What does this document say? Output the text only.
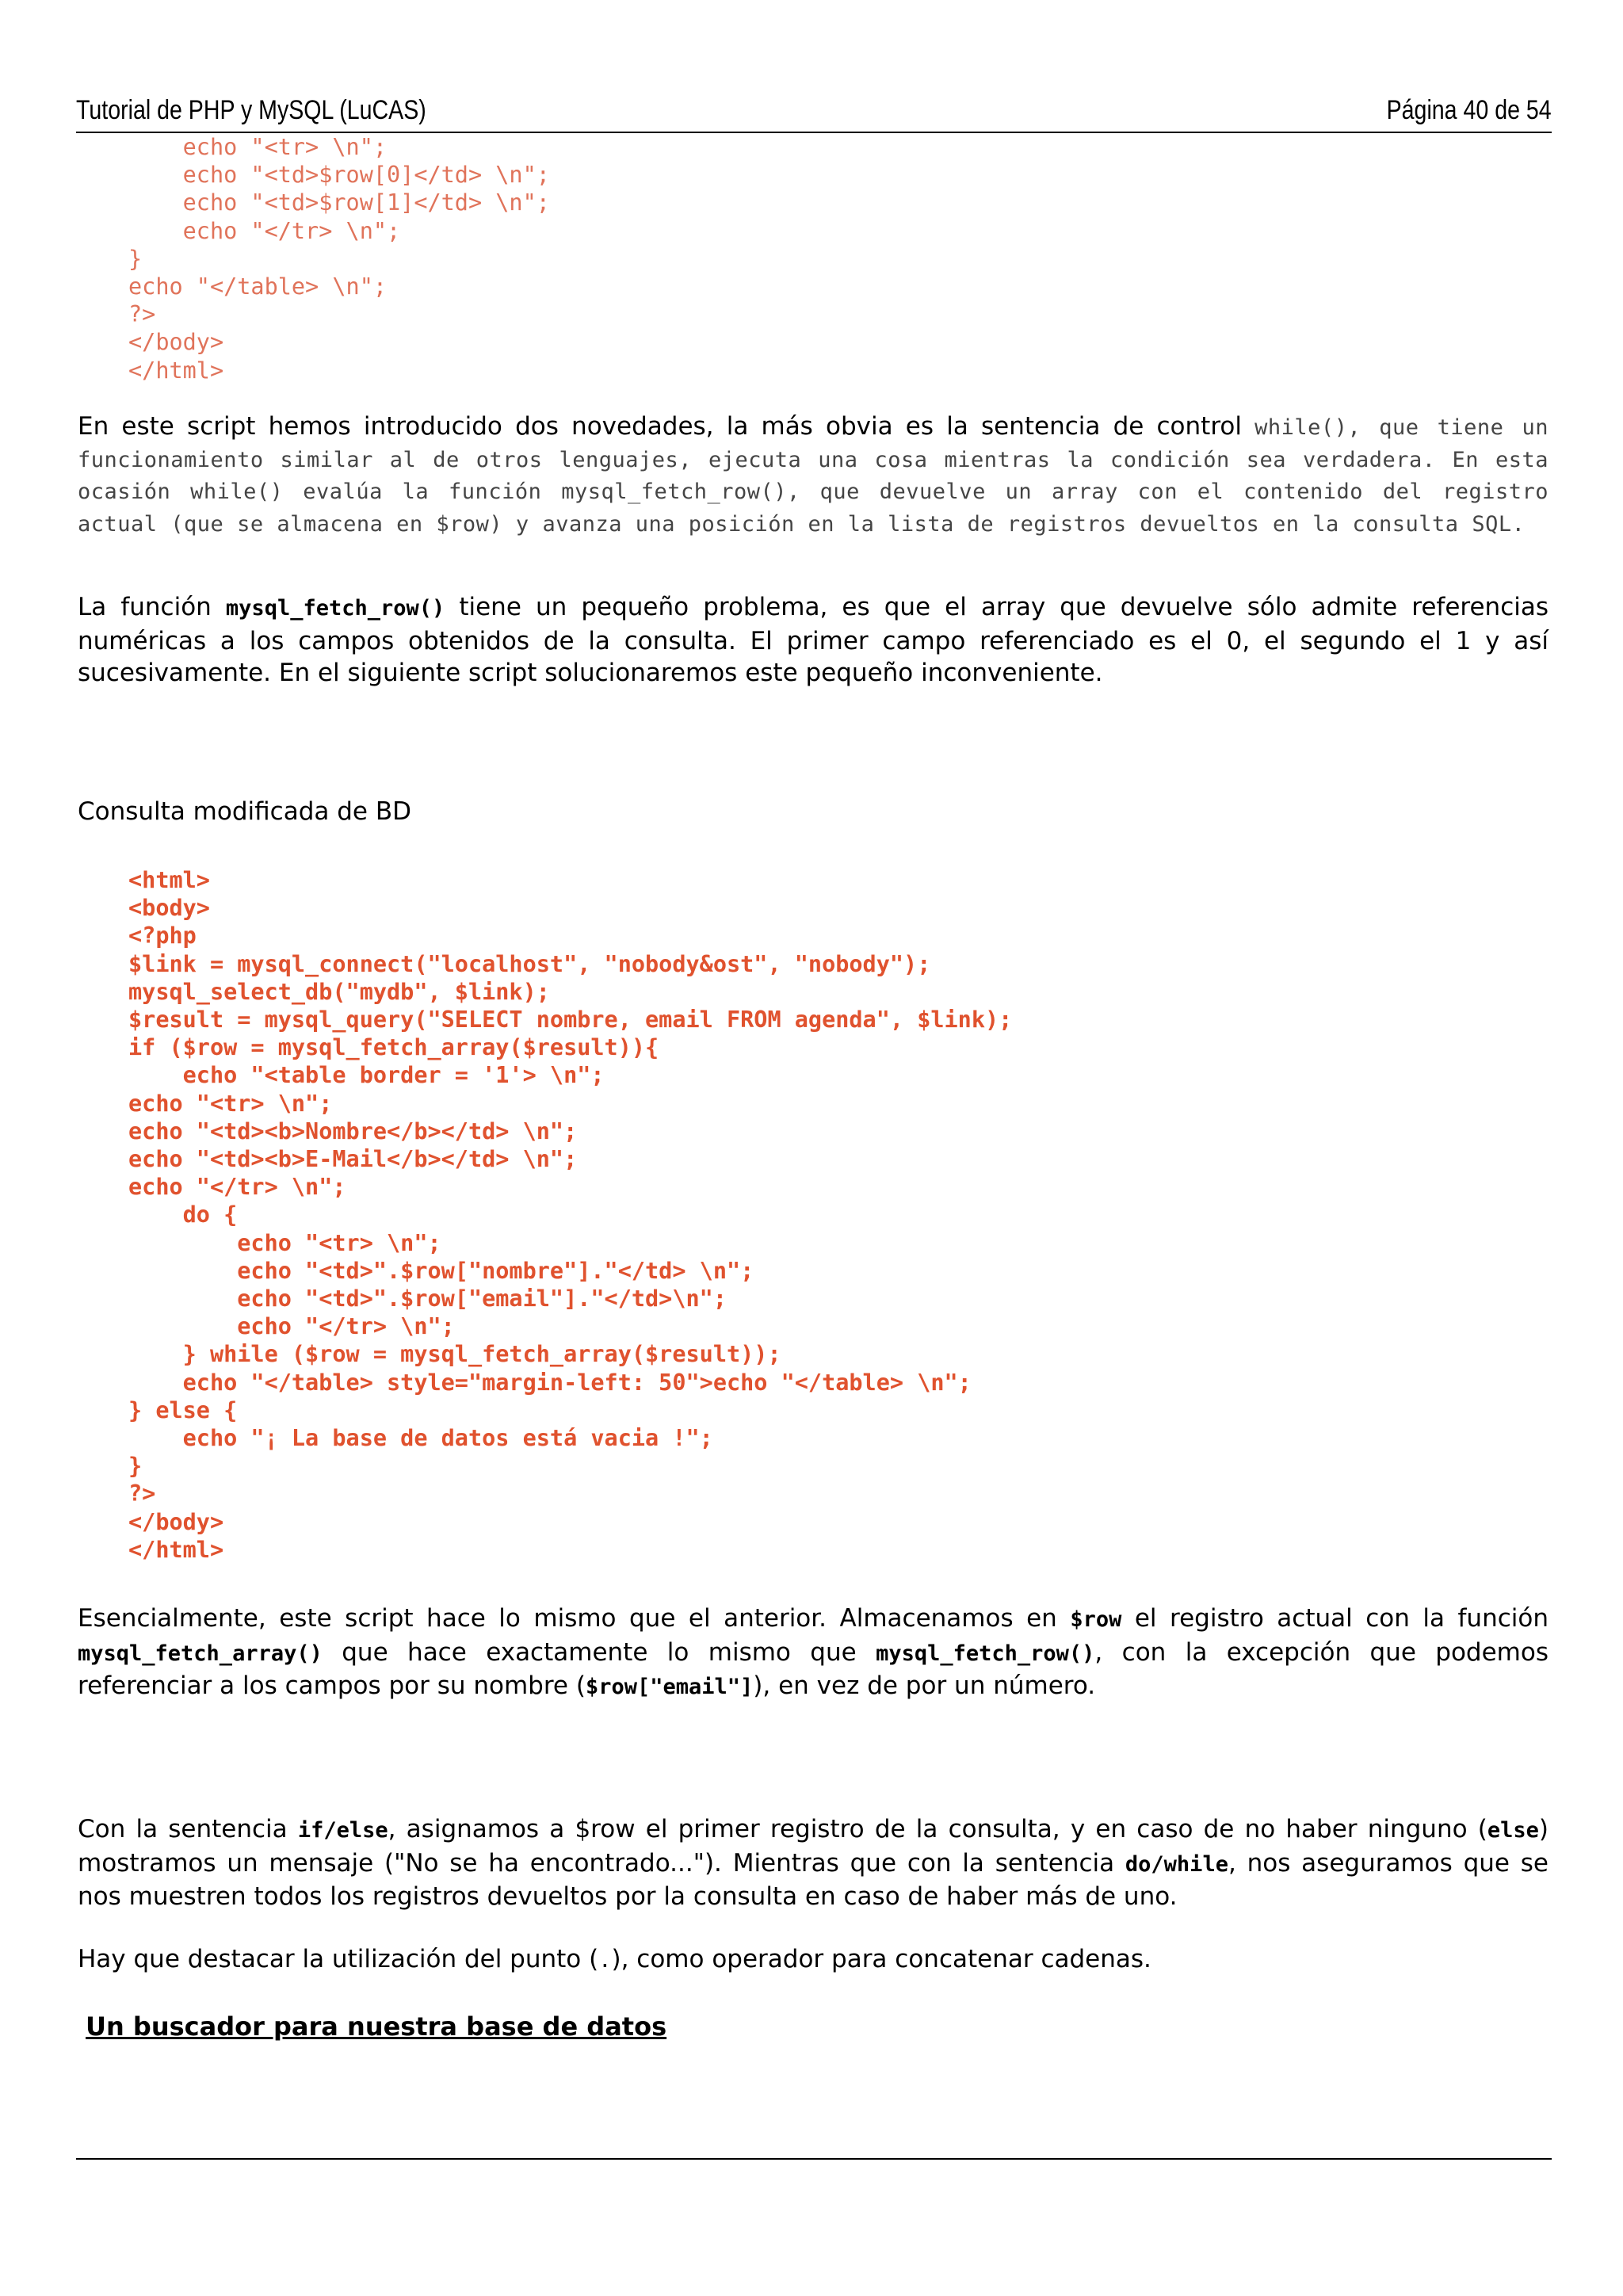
Tutorial de PHP y MySQL (LuCAS)	Página 40 de 54
echo "<tr> \n";
echo "<td>$row[0]</td> \n";
echo "<td>$row[1]</td> \n";
echo "</tr> \n";
}
echo "</table> \n";
?>
</body>
</html>
En este script hemos introducido dos novedades, la más obvia es la sentencia de control while(), que tiene un funcionamiento similar al de otros lenguajes, ejecuta una cosa mientras la condición sea verdadera. En esta ocasión while() evalúa la función mysql_fetch_row(), que devuelve un array con el contenido del registro actual (que se almacena en $row) y avanza una posición en la lista de registros devueltos en la consulta SQL.
La función mysql_fetch_row() tiene un pequeño problema, es que el array que devuelve sólo admite referencias numéricas a los campos obtenidos de la consulta. El primer campo referenciado es el 0, el segundo el 1 y así sucesivamente. En el siguiente script solucionaremos este pequeño inconveniente.
Consulta modificada de BD
<html>
<body>
<?php
$link = mysql_connect("localhost", "nobody&ost", "nobody");
mysql_select_db("mydb", $link);
$result = mysql_query("SELECT nombre, email FROM agenda", $link);
if ($row = mysql_fetch_array($result)){
echo "<table border = '1'> \n";
echo "<tr> \n";
echo "<td><b>Nombre</b></td> \n";
echo "<td><b>E-Mail</b></td> \n";
echo "</tr> \n";
do {
echo "<tr> \n";
echo "<td>".$row["nombre"]."</td> \n";
echo "<td>".$row["email"]."</td>\n";
echo "</tr> \n";
} while ($row = mysql_fetch_array($result));
echo "</table> style="margin-left: 50">echo "</table> \n";
} else {
echo "¡ La base de datos está vacia !";
}
?>
</body>
</html>
Esencialmente, este script hace lo mismo que el anterior. Almacenamos en $row el registro actual con la función mysql_fetch_array() que hace exactamente lo mismo que mysql_fetch_row(), con la excepción que podemos referenciar a los campos por su nombre ($row["email"]), en vez de por un número.
Con la sentencia if/else, asignamos a $row el primer registro de la consulta, y en caso de no haber ninguno (else) mostramos un mensaje ("No se ha encontrado..."). Mientras que con la sentencia do/while, nos aseguramos que se nos muestren todos los registros devueltos por la consulta en caso de haber más de uno.
Hay que destacar la utilización del punto (.), como operador para concatenar cadenas.
Un buscador para nuestra base de datos
